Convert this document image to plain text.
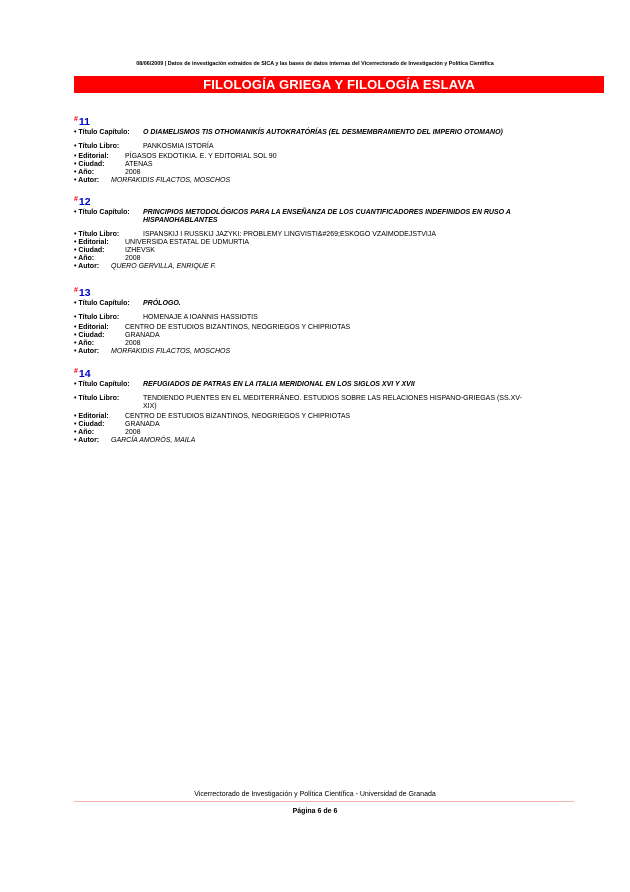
08/06/2009 | Datos de investigación extraídos de SICA y las bases de datos internas del Vicerrectorado de Investigación y Política Científica
FILOLOGÍA GRIEGA Y FILOLOGÍA ESLAVA
#11
• Título Capítulo:	O DIAMELISMOS TIS OTHOMANIKÍS AUTOKRATÓRÍAS (EL DESMEMBRAMIENTO DEL IMPERIO OTOMANO)
• Título Libro:	PANKOSMIA ISTORÍA
• Editorial:	PÍGASOS EKDOTIKIA. E. Y EDITORIAL SOL 90
• Ciudad:	ATENAS
• Año:	2008
• Autor:	MORFAKIDIS FILACTOS, MOSCHOS
#12
• Título Capítulo:	PRINCIPIOS METODOLÓGICOS PARA LA ENSEÑANZA DE LOS CUANTIFICADORES INDEFINIDOS EN RUSO A HISPANOHABLANTES
• Título Libro:	ISPANSKIJ I RUSSKIJ JAZYKI: PROBLEMY LINGVISTI&#269;ESKOGO VZAIMODEJSTVIJA
• Editorial:	UNIVERSIDA ESTATAL DE UDMURTIA
• Ciudad:	IZHEVSK
• Año:	2008
• Autor:	QUERO GERVILLA, ENRIQUE F.
#13
• Título Capítulo:	PRÓLOGO.
• Título Libro:	HOMENAJE A IOANNIS HASSIOTIS
• Editorial:	CENTRO DE ESTUDIOS BIZANTINOS, NEOGRIEGOS Y CHIPRIOTAS
• Ciudad:	GRANADA
• Año:	2008
• Autor:	MORFAKIDIS FILACTOS, MOSCHOS
#14
• Título Capítulo:	REFUGIADOS DE PATRAS EN LA ITALIA MERIDIONAL EN LOS SIGLOS XVI Y XVII
• Título Libro:	TENDIENDO PUENTES EN EL MEDITERRÁNEO. ESTUDIOS SOBRE LAS RELACIONES HISPANO-GRIEGAS (SS.XV-XIX)
• Editorial:	CENTRO DE ESTUDIOS BIZANTINOS, NEOGRIEGOS Y CHIPRIOTAS
• Ciudad:	GRANADA
• Año:	2008
• Autor:	GARCÍA AMORÓS, MAILA
Vicerrectorado de Investigación y Política Científica - Universidad de Granada
Página 6 de 6
